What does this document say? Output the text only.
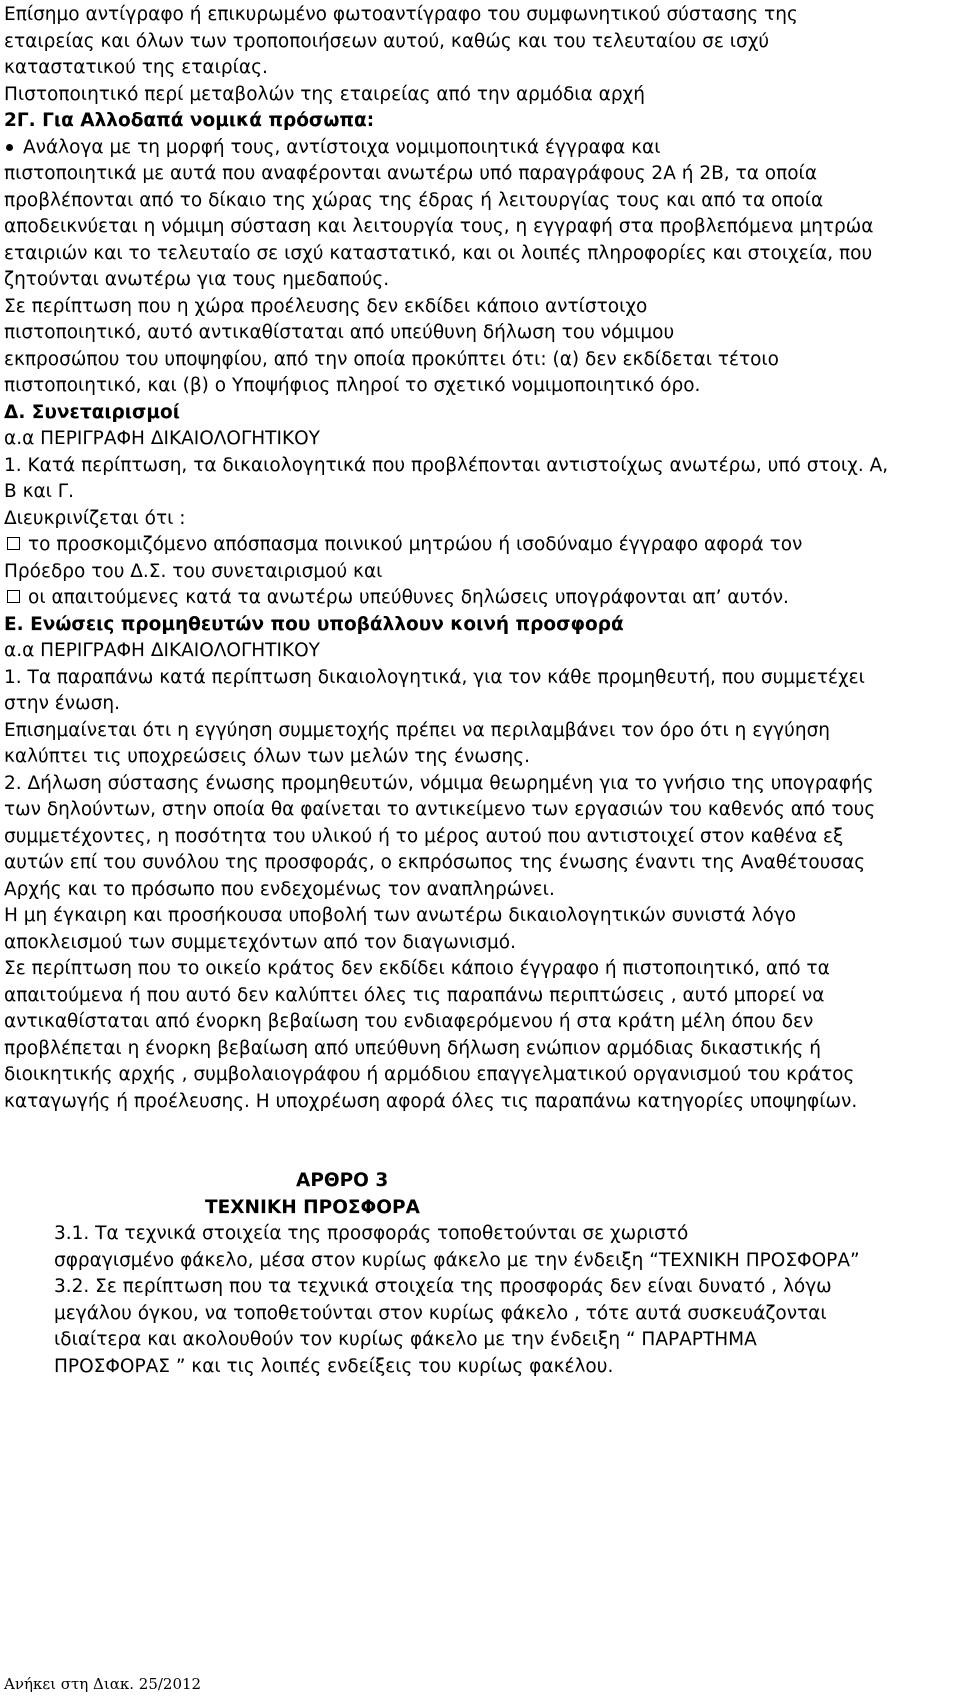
Επίσημο αντίγραφο ή επικυρωμένο φωτοαντίγραφο του συμφωνητικού σύστασης της
εταιρείας και όλων των τροποποιήσεων αυτού, καθώς και του τελευταίου σε ισχύ
καταστατικού της εταιρίας.
Πιστοποιητικό περί μεταβολών της εταιρείας από την αρμόδια αρχή
2Γ. Για Αλλοδαπά νομικά πρόσωπα:
Ανάλογα με τη μορφή τους, αντίστοιχα νομιμοποιητικά έγγραφα και
πιστοποιητικά με αυτά που αναφέρονται ανωτέρω υπό παραγράφους 2Α ή 2Β, τα οποία
προβλέπονται από το δίκαιο της χώρας της έδρας ή λειτουργίας τους και από τα οποία
αποδεικνύεται η νόμιμη σύσταση και λειτουργία τους, η εγγραφή στα προβλεπόμενα μητρώα
εταιριών και το τελευταίο σε ισχύ καταστατικό, και οι λοιπές πληροφορίες και στοιχεία, που
ζητούνται ανωτέρω για τους ημεδαπούς.
Σε περίπτωση που η χώρα προέλευσης δεν εκδίδει κάποιο αντίστοιχο
πιστοποιητικό, αυτό αντικαθίσταται από υπεύθυνη δήλωση του νόμιμου
εκπροσώπου του υποψηφίου, από την οποία προκύπτει ότι: (α) δεν εκδίδεται τέτοιο
πιστοποιητικό, και (β) ο Υποψήφιος πληροί το σχετικό νομιμοποιητικό όρο.
Δ. Συνεταιρισμοί
α.α ΠΕΡΙΓΡΑΦΗ ΔΙΚΑΙΟΛΟΓΗΤΙΚΟΥ
1. Κατά περίπτωση, τα δικαιολογητικά που προβλέπονται αντιστοίχως ανωτέρω, υπό στοιχ. Α,
Β και Γ.
Διευκρινίζεται ότι :
το προσκομιζόμενο απόσπασμα ποινικού μητρώου ή ισοδύναμο έγγραφο αφορά τον
Πρόεδρο του Δ.Σ. του συνεταιρισμού και
οι απαιτούμενες κατά τα ανωτέρω υπεύθυνες δηλώσεις υπογράφονται απ’ αυτόν.
Ε. Ενώσεις προμηθευτών που υποβάλλουν κοινή προσφορά
α.α ΠΕΡΙΓΡΑΦΗ ΔΙΚΑΙΟΛΟΓΗΤΙΚΟΥ
1. Τα παραπάνω κατά περίπτωση δικαιολογητικά, για τον κάθε προμηθευτή, που συμμετέχει
στην ένωση.
Επισημαίνεται ότι η εγγύηση συμμετοχής πρέπει να περιλαμβάνει τον όρο ότι η εγγύηση
καλύπτει τις υποχρεώσεις όλων των μελών της ένωσης.
2. Δήλωση σύστασης ένωσης προμηθευτών, νόμιμα θεωρημένη για το γνήσιο της υπογραφής
των δηλούντων, στην οποία θα φαίνεται το αντικείμενο των εργασιών του καθενός από τους
συμμετέχοντες, η ποσότητα του υλικού ή το μέρος αυτού που αντιστοιχεί στον καθένα εξ
αυτών επί του συνόλου της προσφοράς, ο εκπρόσωπος της ένωσης έναντι της Αναθέτουσας
Αρχής και το πρόσωπο που ενδεχομένως τον αναπληρώνει.
Η μη έγκαιρη και προσήκουσα υποβολή των ανωτέρω δικαιολογητικών συνιστά λόγο
αποκλεισμού των συμμετεχόντων από τον διαγωνισμό.
Σε περίπτωση που το οικείο κράτος δεν εκδίδει κάποιο έγγραφο ή πιστοποιητικό, από τα
απαιτούμενα ή που αυτό δεν καλύπτει όλες τις παραπάνω περιπτώσεις , αυτό μπορεί να
αντικαθίσταται από ένορκη βεβαίωση του ενδιαφερόμενου ή στα κράτη μέλη όπου δεν
προβλέπεται η ένορκη βεβαίωση από υπεύθυνη δήλωση ενώπιον αρμόδιας δικαστικής ή
διοικητικής αρχής , συμβολαιογράφου ή αρμόδιου επαγγελματικού οργανισμού του κράτος
καταγωγής ή προέλευσης. Η υποχρέωση αφορά όλες τις παραπάνω κατηγορίες υποψηφίων.
ΑΡΘΡΟ 3
ΤΕΧΝΙΚΗ ΠΡΟΣΦΟΡΑ
3.1. Τα τεχνικά στοιχεία της προσφοράς τοποθετούνται σε χωριστό
σφραγισμένο φάκελο, μέσα στον κυρίως φάκελο με την ένδειξη “ΤΕΧΝΙΚΗ ΠΡΟΣΦΟΡΑ”
3.2. Σε περίπτωση που τα τεχνικά στοιχεία της προσφοράς δεν είναι δυνατό , λόγω
μεγάλου όγκου, να τοποθετούνται στον κυρίως φάκελο , τότε αυτά συσκευάζονται
ιδιαίτερα και ακολουθούν τον κυρίως φάκελο με την ένδειξη “ ΠΑΡΑΡΤΗΜΑ
ΠΡΟΣΦΟΡΑΣ ” και τις λοιπές ενδείξεις του κυρίως φακέλου.
Ανήκει στη Διακ. 25/2012
